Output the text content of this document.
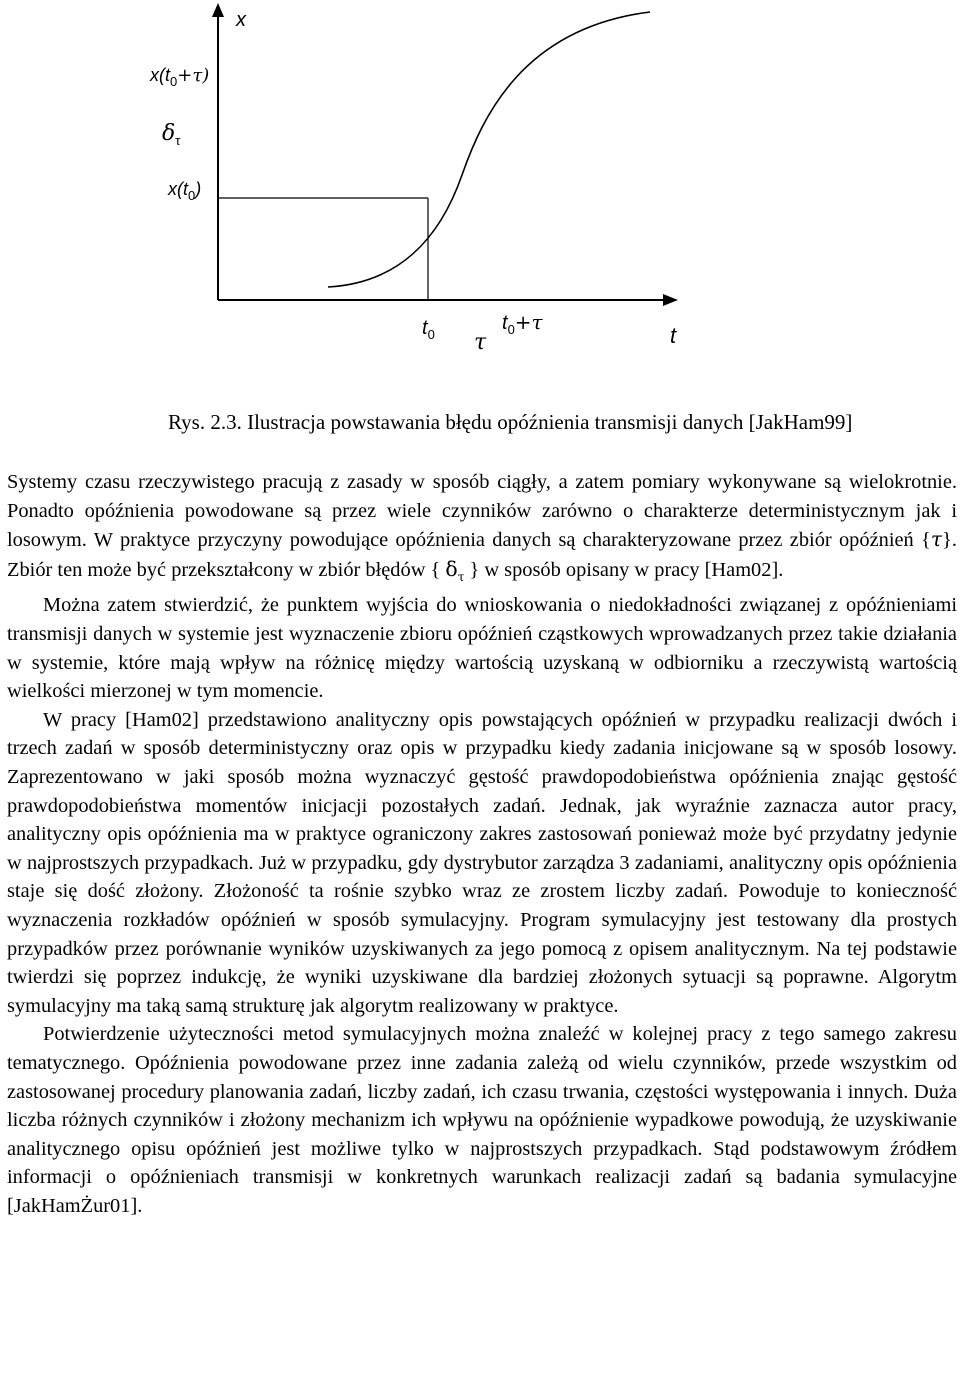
x
t
$x(t_0+\tau)$
$\delta_\tau$
$x(t_0)$
$t_0$ τ
$t_0+\tau$
Rys. 2.3. Ilustracja powstawania błędu opóźnienia transmisji danych [JakHam99]

Systemy czasu rzeczywistego pracują z zasady w sposób ciągły, a zatem pomiary wykonywane są wielokrotnie. Ponadto opóźnienia powodowane są przez wiele czynników zarówno o charakterze deterministycznym jak i losowym. W praktyce przyczyny powodujące opóźnienia danych są charakteryzowane przez zbiór opóźnień {τ}. Zbiór ten może być przekształcony w zbiór błędów { $\delta_\tau$ } w sposób opisany w pracy [Ham02].

Można zatem stwierdzić, że punktem wyjścia do wnioskowania o niedokładności związanej z opóźnieniami transmisji danych w systemie jest wyznaczenie zbioru opóźnień cząstkowych wprowadzanych przez takie działania w systemie, które mają wpływ na różnicę między wartością uzyskaną w odbiorniku a rzeczywistą wartością wielkości mierzonej w tym momencie.

W pracy [Ham02] przedstawiono analityczny opis powstających opóźnień w przypadku realizacji dwóch i trzech zadań w sposób deterministyczny oraz opis w przypadku kiedy zadania inicjowane są w sposób losowy. Zaprezentowano w jaki sposób można wyznaczyć gęstość prawdopodobieństwa opóźnienia znając gęstość prawdopodobieństwa momentów inicjacji pozostałych zadań. Jednak, jak wyraźnie zaznacza autor pracy, analityczny opis opóźnienia ma w praktyce ograniczony zakres zastosowań ponieważ może być przydatny jedynie w najprostszych przypadkach. Już w przypadku, gdy dystrybutor zarządza 3 zadaniami, analityczny opis opóźnienia staje się dość złożony. Złożoność ta rośnie szybko wraz ze zrostem liczby zadań. Powoduje to konieczność wyznaczenia rozkładów opóźnień w sposób symulacyjny. Program symulacyjny jest testowany dla prostych przypadków przez porównanie wyników uzyskiwanych za jego pomocą z opisem analitycznym. Na tej podstawie twierdzi się poprzez indukcję, że wyniki uzyskiwane dla bardziej złożonych sytuacji są poprawne. Algorytm symulacyjny ma taką samą strukturę jak algorytm realizowany w praktyce.

Potwierdzenie użyteczności metod symulacyjnych można znaleźć w kolejnej pracy z tego samego zakresu tematycznego. Opóźnienia powodowane przez inne zadania zależą od wielu czynników, przede wszystkim od zastosowanej procedury planowania zadań, liczby zadań, ich czasu trwania, częstości występowania i innych. Duża liczba różnych czynników i złożony mechanizm ich wpływu na opóźnienie wypadkowe powodują, że uzyskiwanie analitycznego opisu opóźnień jest możliwe tylko w najprostszych przypadkach. Stąd podstawowym źródłem informacji o opóźnieniach transmisji w konkretnych warunkach realizacji zadań są badania symulacyjne [JakHamŻur01].
